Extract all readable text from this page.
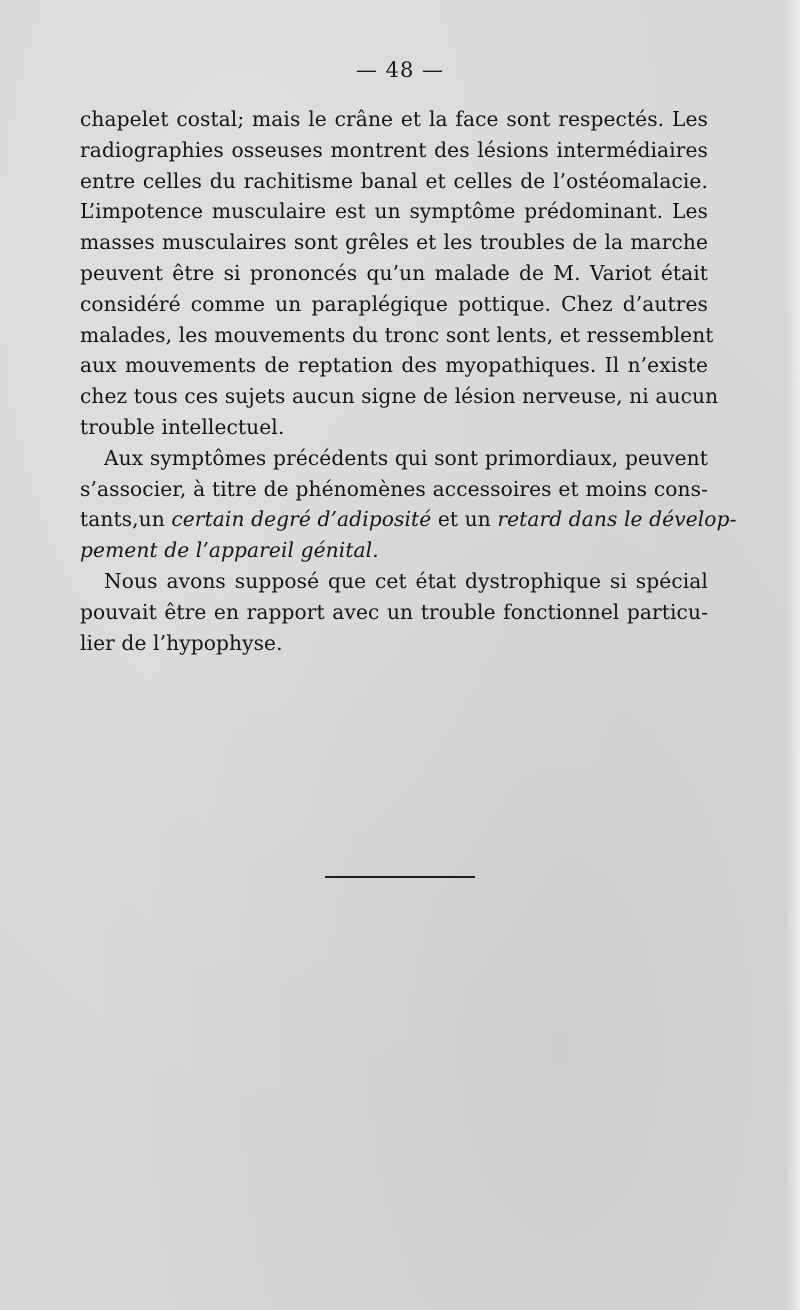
— 48 —
chapelet costal; mais le crâne et la face sont respectés. Les
radiographies osseuses montrent des lésions intermédiaires
entre celles du rachitisme banal et celles de l’ostéomalacie.
L’impotence musculaire est un symptôme prédominant. Les
masses musculaires sont grêles et les troubles de la marche
peuvent être si prononcés qu’un malade de M. Variot était
considéré comme un paraplégique pottique. Chez d’autres
malades, les mouvements du tronc sont lents, et ressemblent
aux mouvements de reptation des myopathiques. Il n’existe
chez tous ces sujets aucun signe de lésion nerveuse, ni aucun
trouble intellectuel.
Aux symptômes précédents qui sont primordiaux, peuvent
s’associer, à titre de phénomènes accessoires et moins cons-
tants,un certain degré d’adiposité et un retard dans le dévelop-
pement de l’appareil génital.
Nous avons supposé que cet état dystrophique si spécial
pouvait être en rapport avec un trouble fonctionnel particu-
lier de l’hypophyse.
